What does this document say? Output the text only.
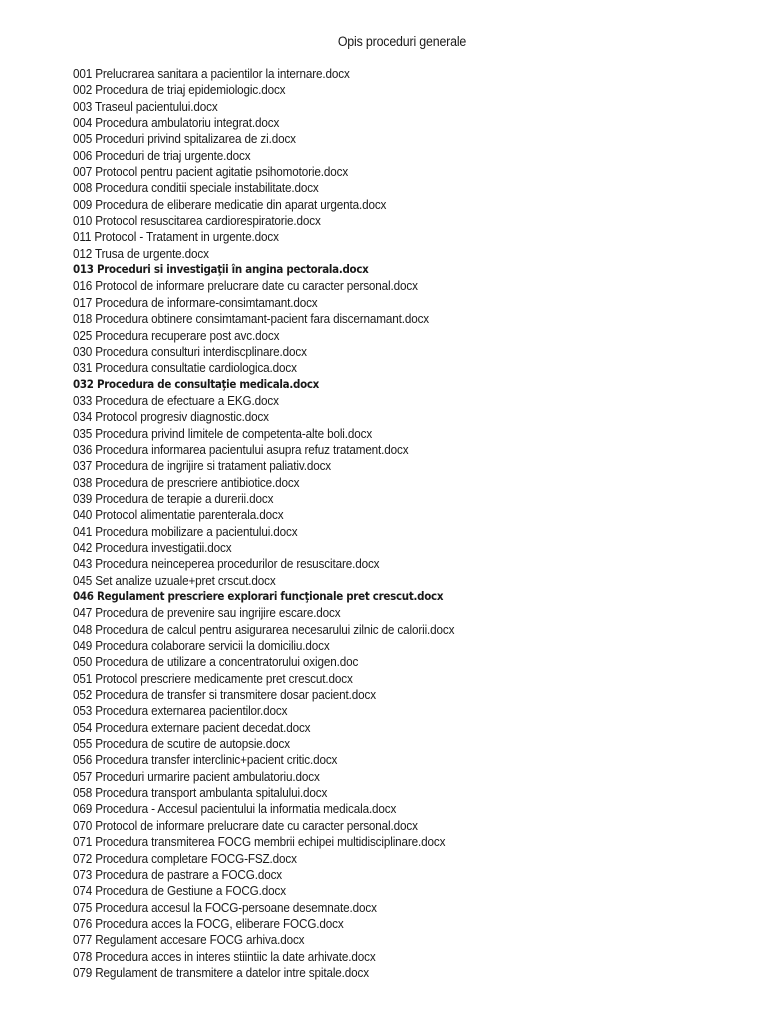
Opis proceduri generale
001 Prelucrarea sanitara a pacientilor la internare.docx
002 Procedura de triaj epidemiologic.docx
003 Traseul pacientului.docx
004 Procedura ambulatoriu integrat.docx
005 Proceduri privind spitalizarea de zi.docx
006 Proceduri de triaj urgente.docx
007 Protocol pentru pacient agitatie psihomotorie.docx
008 Procedura conditii speciale instabilitate.docx
009 Procedura de eliberare medicatie din aparat urgenta.docx
010 Protocol resuscitarea cardiorespiratorie.docx
011 Protocol - Tratament in urgente.docx
012 Trusa de urgente.docx
013 Proceduri si investigaţii în angina pectorala.docx
016 Protocol de informare prelucrare date cu caracter personal.docx
017 Procedura de informare-consimtamant.docx
018 Procedura obtinere consimtamant-pacient fara discernamant.docx
025 Procedura recuperare post avc.docx
030 Procedura consulturi interdiscplinare.docx
031 Procedura consultatie cardiologica.docx
032 Procedura de consultaţie medicala.docx
033 Procedura de efectuare a EKG.docx
034 Protocol progresiv diagnostic.docx
035 Procedura privind limitele de competenta-alte boli.docx
036 Procedura informarea pacientului asupra refuz tratament.docx
037 Procedura de ingrijire si tratament paliativ.docx
038 Procedura de prescriere antibiotice.docx
039 Procedura de terapie a durerii.docx
040 Protocol alimentatie parenterala.docx
041 Procedura mobilizare a pacientului.docx
042 Procedura investigatii.docx
043 Procedura neinceperea procedurilor de resuscitare.docx
045 Set analize uzuale+pret crscut.docx
046 Regulament prescriere explorari funcţionale pret crescut.docx
047 Procedura de prevenire sau ingrijire escare.docx
048 Procedura de calcul pentru asigurarea necesarului zilnic de calorii.docx
049 Procedura colaborare servicii la domiciliu.docx
050 Procedura de utilizare a concentratorului oxigen.doc
051 Protocol prescriere medicamente pret crescut.docx
052 Procedura de transfer si transmitere dosar pacient.docx
053 Procedura externarea pacientilor.docx
054 Procedura externare pacient decedat.docx
055 Procedura de scutire de autopsie.docx
056 Procedura transfer interclinic+pacient critic.docx
057 Proceduri urmarire pacient ambulatoriu.docx
058 Procedura transport ambulanta spitalului.docx
069 Procedura - Accesul pacientului la informatia medicala.docx
070 Protocol de informare prelucrare date cu caracter personal.docx
071 Procedura transmiterea FOCG membrii echipei multidisciplinare.docx
072 Procedura completare FOCG-FSZ.docx
073 Procedura de pastrare a FOCG.docx
074 Procedura de Gestiune a FOCG.docx
075 Procedura accesul la FOCG-persoane desemnate.docx
076 Procedura acces la FOCG, eliberare FOCG.docx
077 Regulament accesare FOCG arhiva.docx
078 Procedura acces in interes stiintiic la date arhivate.docx
079 Regulament de transmitere a datelor intre spitale.docx
